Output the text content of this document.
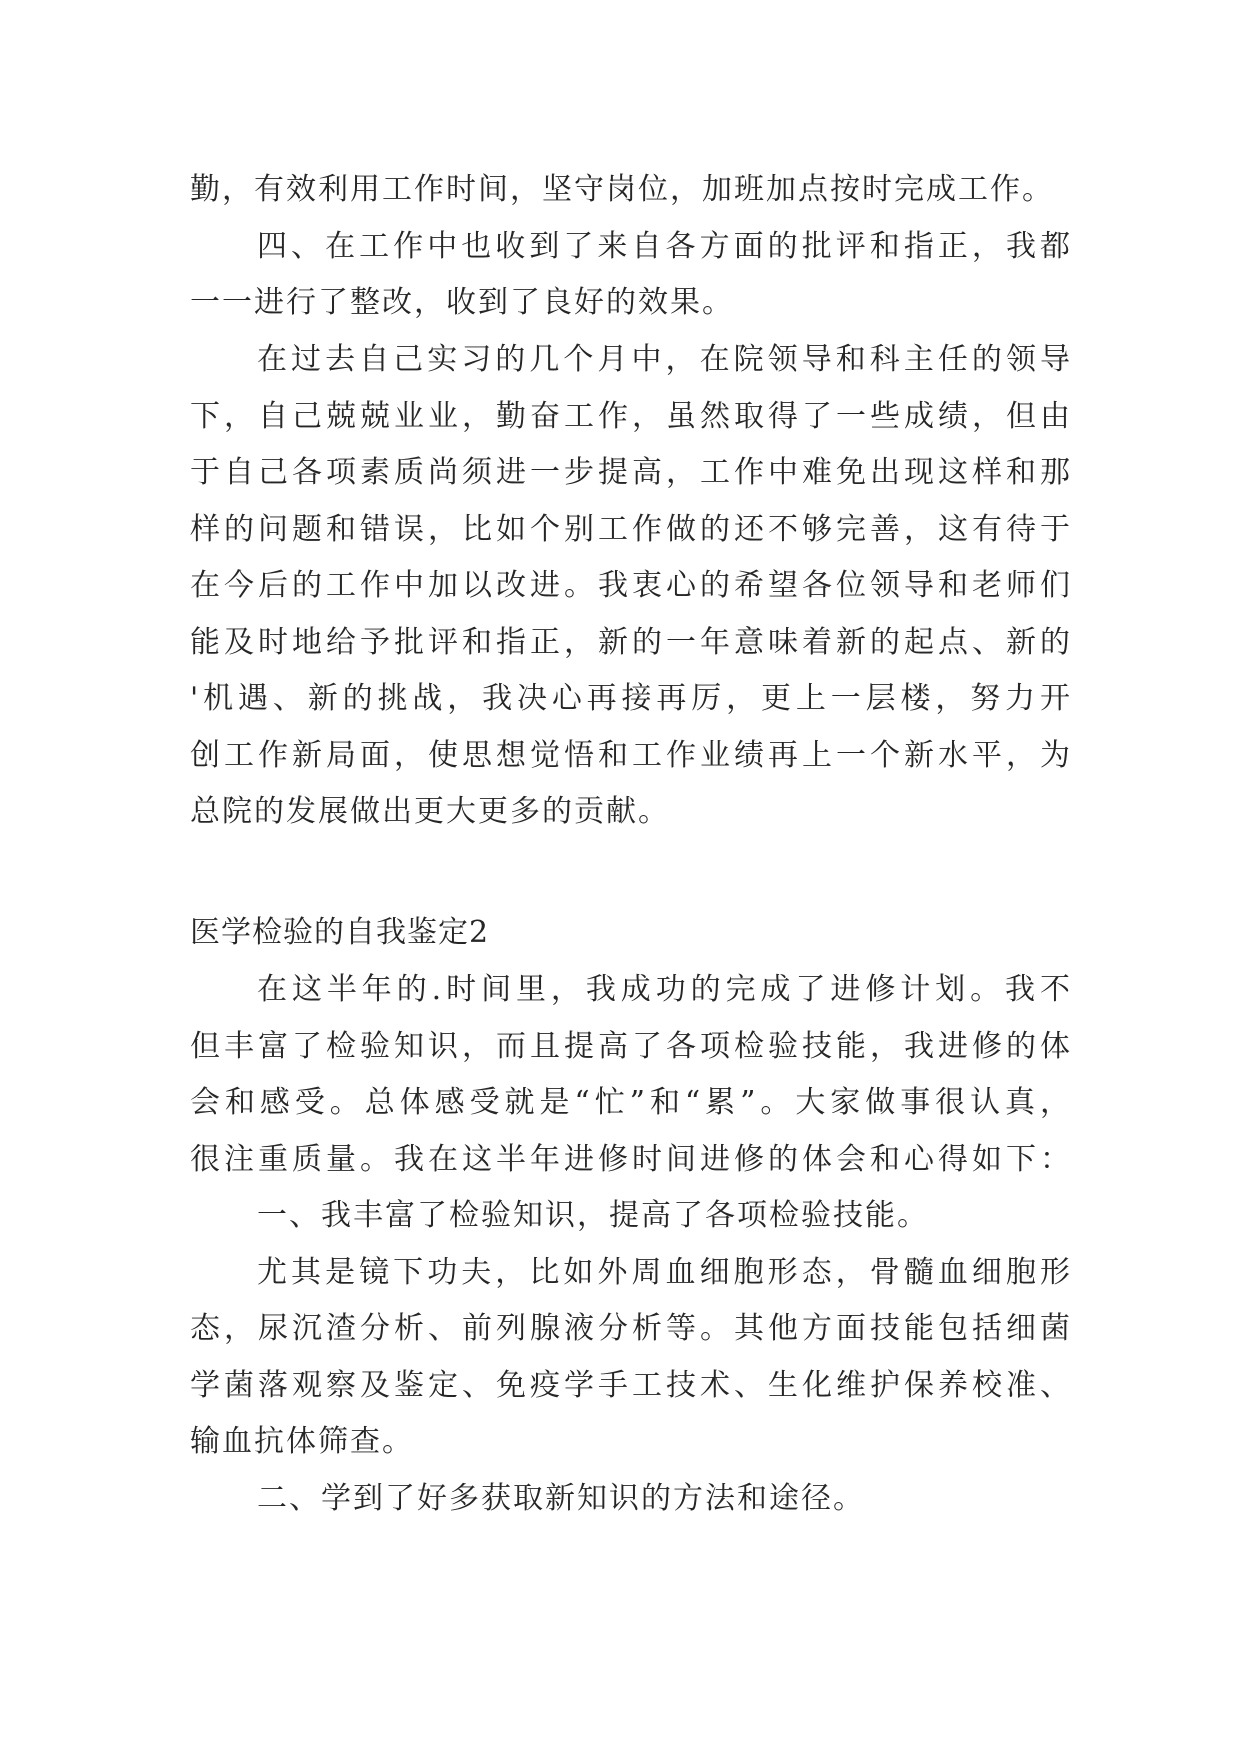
勤，有效利用工作时间，坚守岗位，加班加点按时完成工作。
四、在工作中也收到了来自各方面的批评和指正，我都
一一进行了整改，收到了良好的效果。
在过去自己实习的几个月中，在院领导和科主任的领导
下，自己兢兢业业，勤奋工作，虽然取得了一些成绩，但由
于自己各项素质尚须进一步提高，工作中难免出现这样和那
样的问题和错误，比如个别工作做的还不够完善，这有待于
在今后的工作中加以改进。我衷心的希望各位领导和老师们
能及时地给予批评和指正，新的一年意味着新的起点、新的
'机遇、新的挑战，我决心再接再厉，更上一层楼，努力开
创工作新局面，使思想觉悟和工作业绩再上一个新水平，为
总院的发展做出更大更多的贡献。
医学检验的自我鉴定2
在这半年的.时间里，我成功的完成了进修计划。我不
但丰富了检验知识，而且提高了各项检验技能，我进修的体
会和感受。总体感受就是“忙”和“累”。大家做事很认真，
很注重质量。我在这半年进修时间进修的体会和心得如下：
一、我丰富了检验知识，提高了各项检验技能。
尤其是镜下功夫，比如外周血细胞形态，骨髓血细胞形
态，尿沉渣分析、前列腺液分析等。其他方面技能包括细菌
学菌落观察及鉴定、免疫学手工技术、生化维护保养校准、
输血抗体筛查。
二、学到了好多获取新知识的方法和途径。
